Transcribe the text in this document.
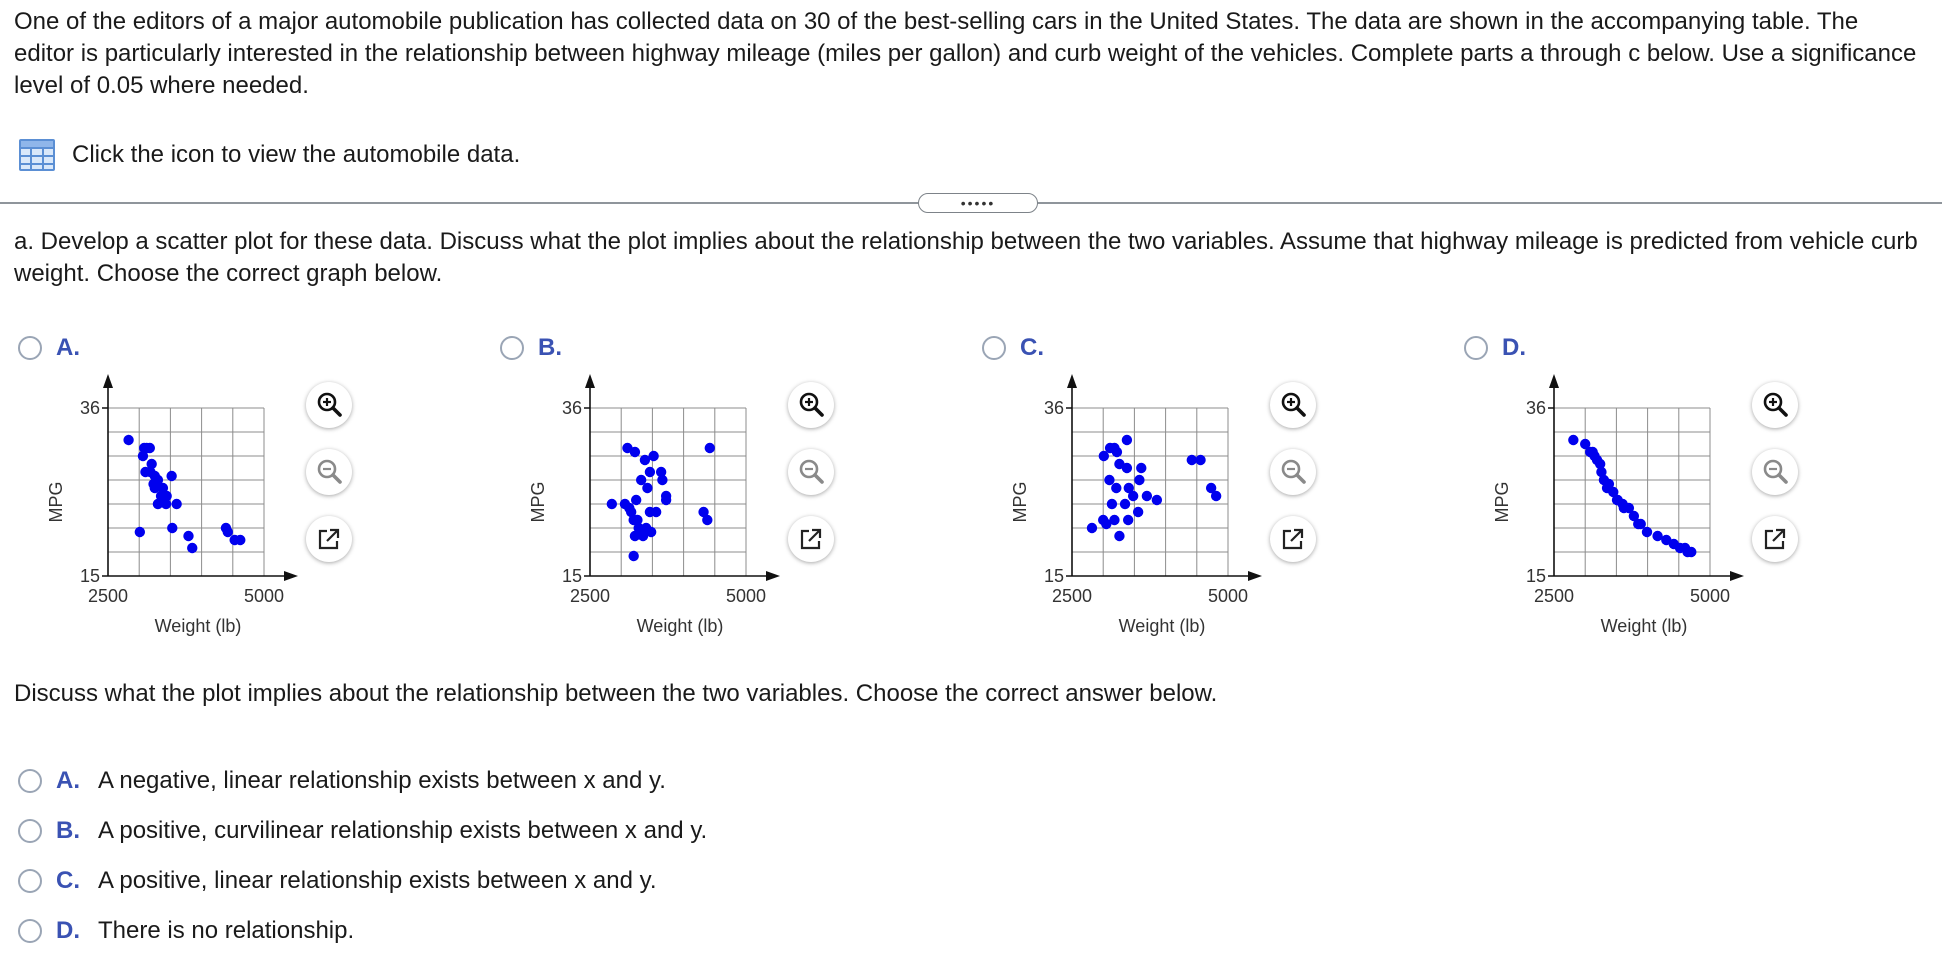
One of the editors of a major automobile publication has collected data on 30 of the best-selling cars in the United States. The data are shown in the accompanying table. The editor is particularly interested in the relationship between highway mileage (miles per gallon) and curb weight of the vehicles. Complete parts a through c below. Use a significance level of 0.05 where needed.
Click the icon to view the automobile data.
•••••
a. Develop a scatter plot for these data. Discuss what the plot implies about the relationship between the two variables. Assume that highway mileage is predicted from vehicle curb weight. Choose the correct graph below.
A.
36
15
2500	5000
Weight (lb)
MPG
B.
36
15
2500	5000
Weight (lb)
MPG
C.
36
15
2500	5000
Weight (lb)
MPG
D.
36
15
2500	5000
Weight (lb)
MPG
Discuss what the plot implies about the relationship between the two variables. Choose the correct answer below.
A. A negative, linear relationship exists between x and y.
B. A positive, curvilinear relationship exists between x and y.
C. A positive, linear relationship exists between x and y.
D. There is no relationship.
